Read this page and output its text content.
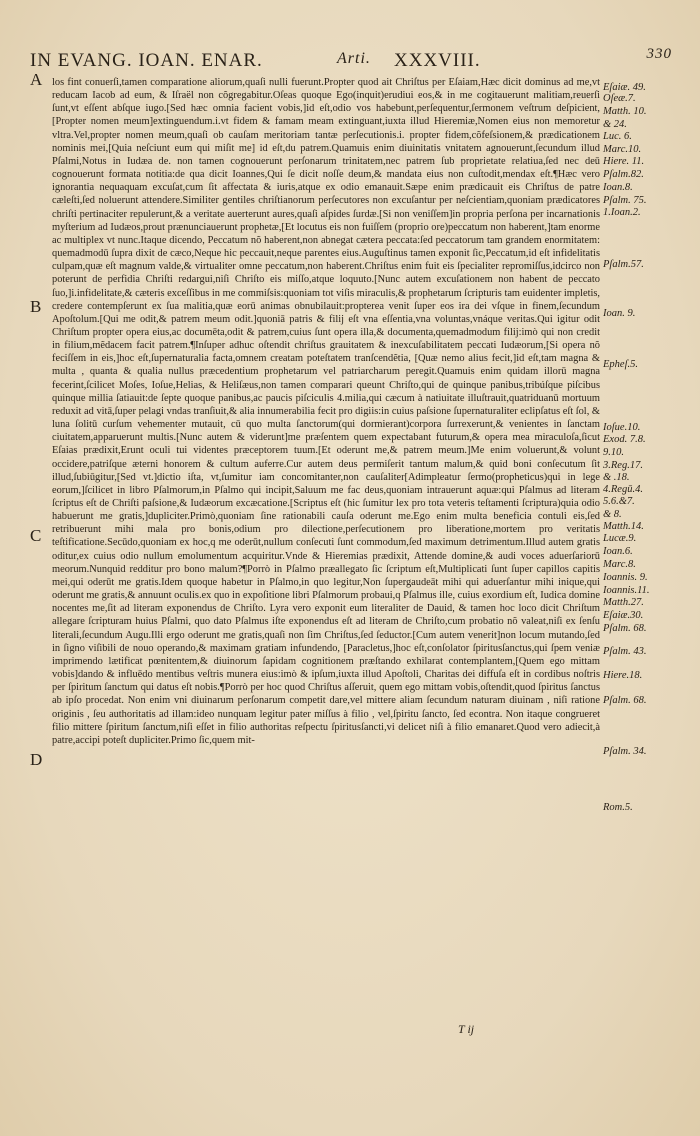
IN EVANG. IOAN. ENAR.	Arti. XXXVIII.	330
A
B
C
D

los fint conuerſi,tamen comparatione aliorum,quaſi nulli fuerunt.Propter quod ait Chriſtus per Eſaiam,Hæc dicit dominus ad me,vt reducam Iacob ad eum, & Iſraël non cõgregabitur.Oſeas quoque Ego(inquit)erudiui eos,& in me cogitauerunt malitiam,reuerſi ſunt,vt eſſent abſque iugo.[Sed hæc omnia facient vobis,]id eſt,odio vos habebunt,perſequentur,ſermonem veſtrum deſpicient, [Propter nomen meum]extinguendum.i.vt fidem & famam meam extinguant,iuxta illud Hieremiæ,Nomen eius non memoretur vltra.Vel,propter nomen meum,quaſi ob cauſam meritoriam tantæ perſecutionis.i. propter fidem,cõfeſsionem,& prædicationem nominis mei,[Quia neſciunt eum qui miſit me] id eſt,du patrem.Quamuis enim diuinitatis vnitatem agnouerunt,ſecundum illud Pſalmi,Notus in Iudæa de. non tamen cognouerunt perſonarum trinitatem,nec patrem ſub proprietate relatiua,ſed nec deū cognouerunt formata notitia:de qua dicit Ioannes,Qui ſe dicit noſſe deum,& mandata eius non cuſtodit,mendax eſt.¶Hæc vero ignorantia nequaquam excuſat,cum ſit affectata & iuris,atque ex odio emanauit.Sæpe enim prædicauit eis Chriſtus de patre cæleſti,ſed noluerunt attendere.Similiter gentiles chriſtianorum perſecutores non excuſantur per neſcientiam,quoniam prædicatores chriſti pertinaciter repulerunt,& a veritate auerterunt aures,quaſi aſpides ſurdæ.[Si non veniſſem]in propria perſona per incarnationis myſterium ad Iudæos,prout prænunciauerunt prophetæ,[Et locutus eis non fuiſſem (proprio ore)peccatum non haberent,]tam enorme ac multiplex vt nunc.Itaque dicendo, Peccatum nõ haberent,non abnegat cætera peccata:ſed peccatorum tam grandem enormitatem: quemadmodū ſupra dixit de cæco,Neque hic peccauit,neque parentes eius.Auguſtinus tamen exponit ſic,Peccatum,id eſt infidelitatis culpam,quæ eſt magnum valde,& virtualiter omne peccatum,non haberent.Chriſtus enim fuit eis ſpecialiter repromiſſus,idcirco non poterunt de perfidia Chriſti redargui,niſi Chriſto eis miſſo,atque loquuto.[Nunc autem excuſationem non habent de peccato ſuo,]i.infidelitate,& cæteris exceſſibus in me commiſsis:quoniam tot viſis miraculis,& prophetarum ſcripturis tam euidenter impletis, credere contempſerunt ex ſua malitia,quæ eorū animas obnubilauit:propterea venit ſuper eos ira dei vſque in finem,ſecundum Apoſtolum.[Qui me odit,& patrem meum odit.]quoniā patris & filij eſt vna eſſentia,vna voluntas,vnáque veritas.Qui igitur odit Chriſtum propter opera eius,ac documēta,odit & patrem,cuius ſunt opera illa,& documenta,quemadmodum filij:imò qui non credit in filium,mẽdacem facit patrem.¶Inſuper adhuc oſtendit chriſtus grauitatem & inexcuſabilitatem peccati Iudæorum,[Si opera nõ feciſſem in eis,]hoc eſt,ſupernaturalia facta,omnem creatam poteſtatem tranſcendẽtia, [Quæ nemo alius fecit,]id eſt,tam magna & multa , quanta & qualia nullus præcedentium prophetarum vel patriarcharum peregit.Quamuis enim quidam illorū magna fecerint,ſcilicet Moſes, Ioſue,Helias, & Heliſæus,non tamen comparari queunt Chriſto,qui de quinque panibus,tribúſque piſcibus quinque millia ſatiauit:de ſepte quoque panibus,ac paucis piſciculis 4.milia,qui cæcum à natiuitate illuſtrauit,quatriduanū mortuum reduxit ad vitā,ſuper pelagi vndas tranſiuit,& alia innumerabilia fecit pro digiis:in cuius paſsione ſupernaturaliter eclipſatus eſt ſol, & luna ſolitū curſum vehementer mutauit, cū quo multa ſanctorum(qui dormierant)corpora ſurrexerunt,& venientes in ſanctam ciuitatem,apparuerunt multis.[Nunc autem & viderunt]me præſentem quem expectabant futurum,& opera mea miraculoſa,ſicut Eſaias prædixit,Erunt oculi tui videntes præceptorem tuum.[Et oderunt me,& patrem meum.]Me enim voluerunt,& volunt occidere,patriſque æterni honorem & cultum auferre.Cur autem deus permiſerit tantum malum,& quid boni conſecutum ſit illud,ſubiūgitur,[Sed vt.]dictio iſta, vt,ſumitur iam concomitanter,non cauſaliter[Adimpleatur ſermo(propheticus)qui in lege eorum,]ſcilicet in libro Pſalmorum,in Pſalmo qui incipit,Saluum me fac deus,quoniam intrauerunt aquæ:qui Pſalmus ad literam ſcriptus eſt de Chriſti paſsione,& Iudæorum excæcatione.[Scriptus eſt (hic ſumitur lex pro tota veteris teſtamenti ſcriptura)quia odio habuerunt me gratis,]dupliciter.Primò,quoniam ſine rationabili cauſa oderunt me.Ego enim multa beneficia contuli eis,ſed retribuerunt mihi mala pro bonis,odium pro dilectione,perſecutionem pro liberatione,mortem pro veritatis teſtificatione.Secūdo,quoniam ex hoc,q me oderūt,nullum conſecuti ſunt commodum,ſed maximum detrimentum.Illud autem gratis oditur,ex cuius odio nullum emolumentum acquiritur.Vnde & Hieremias prædixit, Attende domine,& audi voces aduerſariorū meorum.Nunquid redditur pro bono malum?¶Porrò in Pſalmo præallegato ſic ſcriptum eſt,Multiplicati ſunt ſuper capillos capitis mei,qui oderūt me gratis.Idem quoque habetur in Pſalmo,in quo legitur,Non ſupergaudeāt mihi qui aduerſantur mihi inique,qui oderunt me gratis,& annuunt oculis.ex quo in expoſitione libri Pſalmorum probaui,q Pſalmus ille, cuius exordium eſt, Iudica domine nocentes me,ſit ad literam exponendus de Chriſto. Lyra vero exponit eum literaliter de Dauid, & tamen hoc loco dicit Chriſtum allegare ſcripturam huius Pſalmi, quo dato Pſalmus iſte exponendus eſt ad literam de Chriſto,cum probatio nõ valeat,niſi ex ſenſu literali,ſecundum Augu.Illi ergo oderunt me gratis,quaſi non ſim Chriſtus,ſed ſeductor.[Cum autem venerit]non locum mutando,ſed in ſigno viſibili de nouo operando,& maximam gratiam infundendo, [Paracletus,]hoc eſt,conſolator ſpiritusſanctus,qui ſpem veniæ imprimendo lætificat pœnitentem,& diuinorum ſapidam cognitionem præſtando exhilarat contemplantem,[Quem ego mittam vobis]dando & influēdo mentibus veſtris munera eius:imò & ipſum,iuxta illud Apoſtoli, Charitas dei diffuſa eſt in cordibus noſtris per ſpiritum ſanctum qui datus eſt nobis.¶Porrò per hoc quod Chriſtus aſſeruit, quem ego mittam vobis,oſtendit,quod ſpiritus ſanctus ab ipſo procedat. Non enim vni diuinarum perſonarum competit dare,vel mittere aliam ſecundum naturam diuinam , niſi ratione originis , ſeu authoritatis ad illam:ideo nunquam legitur pater miſſus à filio , vel,ſpiritu ſancto, ſed econtra. Non itaque congrueret filio mittere ſpiritum ſanctum,niſi eſſet in filio authoritas reſpectu ſpiritusſancti,vi delicet niſi à filio emanaret.Quod vero adiecit,à patre,accipi poteſt dupliciter.Primo ſic,quem mit-

Eſaiæ. 49.
Oſeæ.7.
Matth. 10.
& 24.
Luc. 6.
Marc.10.
Hiere. 11.
Pſalm.82.
Ioan.8.
Pſalm. 75.
1.Ioan.2.
Pſalm.57.
Ioan. 9.
Epheſ.5.
Ioſue.10.
Exod. 7.8.
9.10.
3.Reg.17.
& .18.
4.Regū.4.
5.6.&7.
& 8.
Matth.14.
Lucæ.9.
Ioan.6.
Marc.8.
Ioannis. 9.
Ioannis.11.
Matth.27.
Eſaiæ.30.
Pſalm. 68.
Pſalm. 43.
Hiere.18.
Pſalm. 68.
Pſalm. 34.
Rom.5.
T ij
